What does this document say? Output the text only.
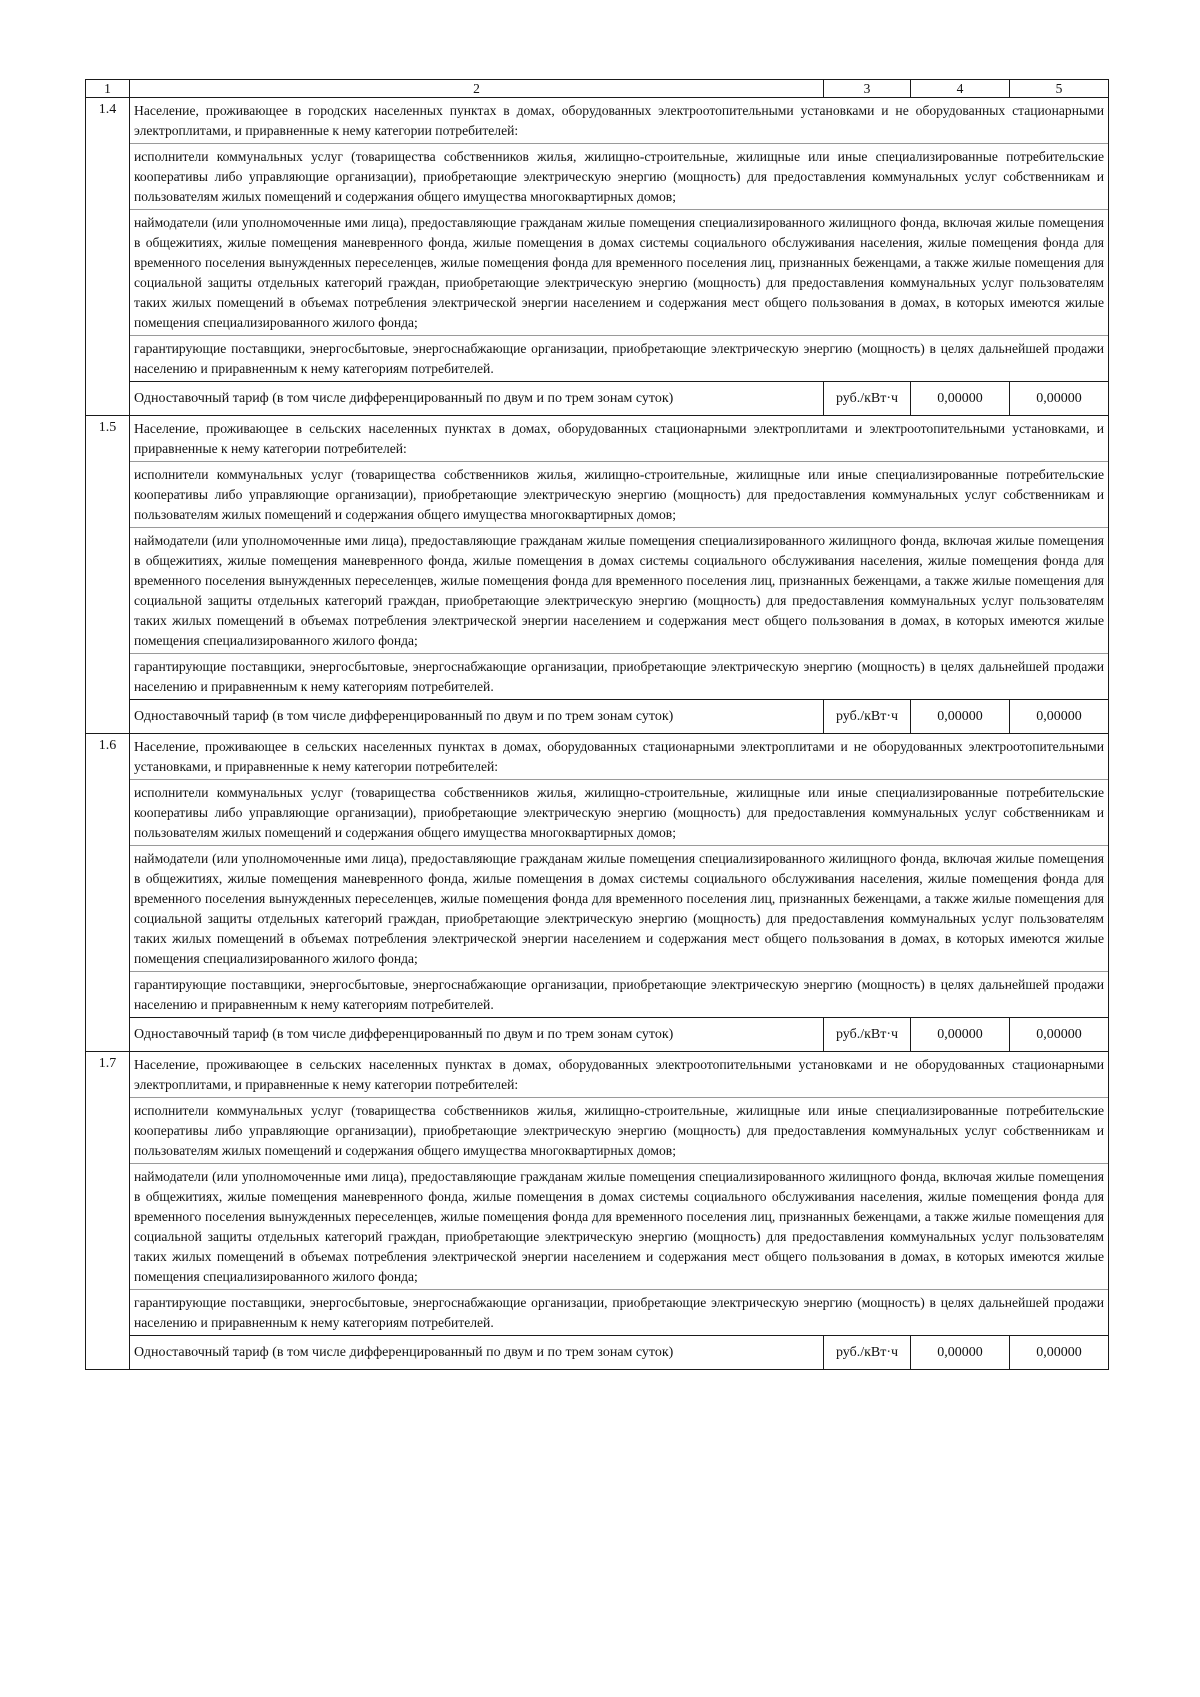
1	2	3	4	5
1.4	Население, проживающее в городских населенных пунктах в домах, оборудованных электроотопительными установками и не оборудованных стационарными электроплитами, и приравненные к нему категории потребителей:

исполнители коммунальных услуг (товарищества собственников жилья, жилищно-строительные, жилищные или иные специализированные потребительские кооперативы либо управляющие организации), приобретающие электрическую энергию (мощность) для предоставления коммунальных услуг собственникам и пользователям жилых помещений и содержания общего имущества многоквартирных домов;

наймодатели (или уполномоченные ими лица), предоставляющие гражданам жилые помещения специализированного жилищного фонда, включая жилые помещения в общежитиях, жилые помещения маневренного фонда, жилые помещения в домах системы социального обслуживания населения, жилые помещения фонда для временного поселения вынужденных переселенцев, жилые помещения фонда для временного поселения лиц, признанных беженцами, а также жилые помещения для социальной защиты отдельных категорий граждан, приобретающие электрическую энергию (мощность) для предоставления коммунальных услуг пользователям таких жилых помещений в объемах потребления электрической энергии населением и содержания мест общего пользования в домах, в которых имеются жилые помещения специализированного жилого фонда;

гарантирующие поставщики, энергосбытовые, энергоснабжающие организации, приобретающие электрическую энергию (мощность) в целях дальнейшей продажи населению и приравненным к нему категориям потребителей.			

	Одноставочный тариф (в том числе дифференцированный по двум и по трем зонам суток)	руб./кВт·ч	0,00000	0,00000
1.5	Население, проживающее в сельских населенных пунктах в домах, оборудованных стационарными электроплитами и электроотопительными установками, и приравненные к нему категории потребителей:

исполнители коммунальных услуг (товарищества собственников жилья, жилищно-строительные, жилищные или иные специализированные потребительские кооперативы либо управляющие организации), приобретающие электрическую энергию (мощность) для предоставления коммунальных услуг собственникам и пользователям жилых помещений и содержания общего имущества многоквартирных домов;

наймодатели (или уполномоченные ими лица), предоставляющие гражданам жилые помещения специализированного жилищного фонда, включая жилые помещения в общежитиях, жилые помещения маневренного фонда, жилые помещения в домах системы социального обслуживания населения, жилые помещения фонда для временного поселения вынужденных переселенцев, жилые помещения фонда для временного поселения лиц, признанных беженцами, а также жилые помещения для социальной защиты отдельных категорий граждан, приобретающие электрическую энергию (мощность) для предоставления коммунальных услуг пользователям таких жилых помещений в объемах потребления электрической энергии населением и содержания мест общего пользования в домах, в которых имеются жилые помещения специализированного жилого фонда;

гарантирующие поставщики, энергосбытовые, энергоснабжающие организации, приобретающие электрическую энергию (мощность) в целях дальнейшей продажи населению и приравненным к нему категориям потребителей.			

	Одноставочный тариф (в том числе дифференцированный по двум и по трем зонам суток)	руб./кВт·ч	0,00000	0,00000
1.6	Население, проживающее в сельских населенных пунктах в домах, оборудованных стационарными электроплитами и не оборудованных электроотопительными установками, и приравненные к нему категории потребителей:

исполнители коммунальных услуг (товарищества собственников жилья, жилищно-строительные, жилищные или иные специализированные потребительские кооперативы либо управляющие организации), приобретающие электрическую энергию (мощность) для предоставления коммунальных услуг собственникам и пользователям жилых помещений и содержания общего имущества многоквартирных домов;

наймодатели (или уполномоченные ими лица), предоставляющие гражданам жилые помещения специализированного жилищного фонда, включая жилые помещения в общежитиях, жилые помещения маневренного фонда, жилые помещения в домах системы социального обслуживания населения, жилые помещения фонда для временного поселения вынужденных переселенцев, жилые помещения фонда для временного поселения лиц, признанных беженцами, а также жилые помещения для социальной защиты отдельных категорий граждан, приобретающие электрическую энергию (мощность) для предоставления коммунальных услуг пользователям таких жилых помещений в объемах потребления электрической энергии населением и содержания мест общего пользования в домах, в которых имеются жилые помещения специализированного жилого фонда;

гарантирующие поставщики, энергосбытовые, энергоснабжающие организации, приобретающие электрическую энергию (мощность) в целях дальнейшей продажи населению и приравненным к нему категориям потребителей.			

	Одноставочный тариф (в том числе дифференцированный по двум и по трем зонам суток)	руб./кВт·ч	0,00000	0,00000
1.7	Население, проживающее в сельских населенных пунктах в домах, оборудованных электроотопительными установками и не оборудованных стационарными электроплитами, и приравненные к нему категории потребителей:

исполнители коммунальных услуг (товарищества собственников жилья, жилищно-строительные, жилищные или иные специализированные потребительские кооперативы либо управляющие организации), приобретающие электрическую энергию (мощность) для предоставления коммунальных услуг собственникам и пользователям жилых помещений и содержания общего имущества многоквартирных домов;

наймодатели (или уполномоченные ими лица), предоставляющие гражданам жилые помещения специализированного жилищного фонда, включая жилые помещения в общежитиях, жилые помещения маневренного фонда, жилые помещения в домах системы социального обслуживания населения, жилые помещения фонда для временного поселения вынужденных переселенцев, жилые помещения фонда для временного поселения лиц, признанных беженцами, а также жилые помещения для социальной защиты отдельных категорий граждан, приобретающие электрическую энергию (мощность) для предоставления коммунальных услуг пользователям таких жилых помещений в объемах потребления электрической энергии населением и содержания мест общего пользования в домах, в которых имеются жилые помещения специализированного жилого фонда;

гарантирующие поставщики, энергосбытовые, энергоснабжающие организации, приобретающие электрическую энергию (мощность) в целях дальнейшей продажи населению и приравненным к нему категориям потребителей.			

	Одноставочный тариф (в том числе дифференцированный по двум и по трем зонам суток)	руб./кВт·ч	0,00000	0,00000
